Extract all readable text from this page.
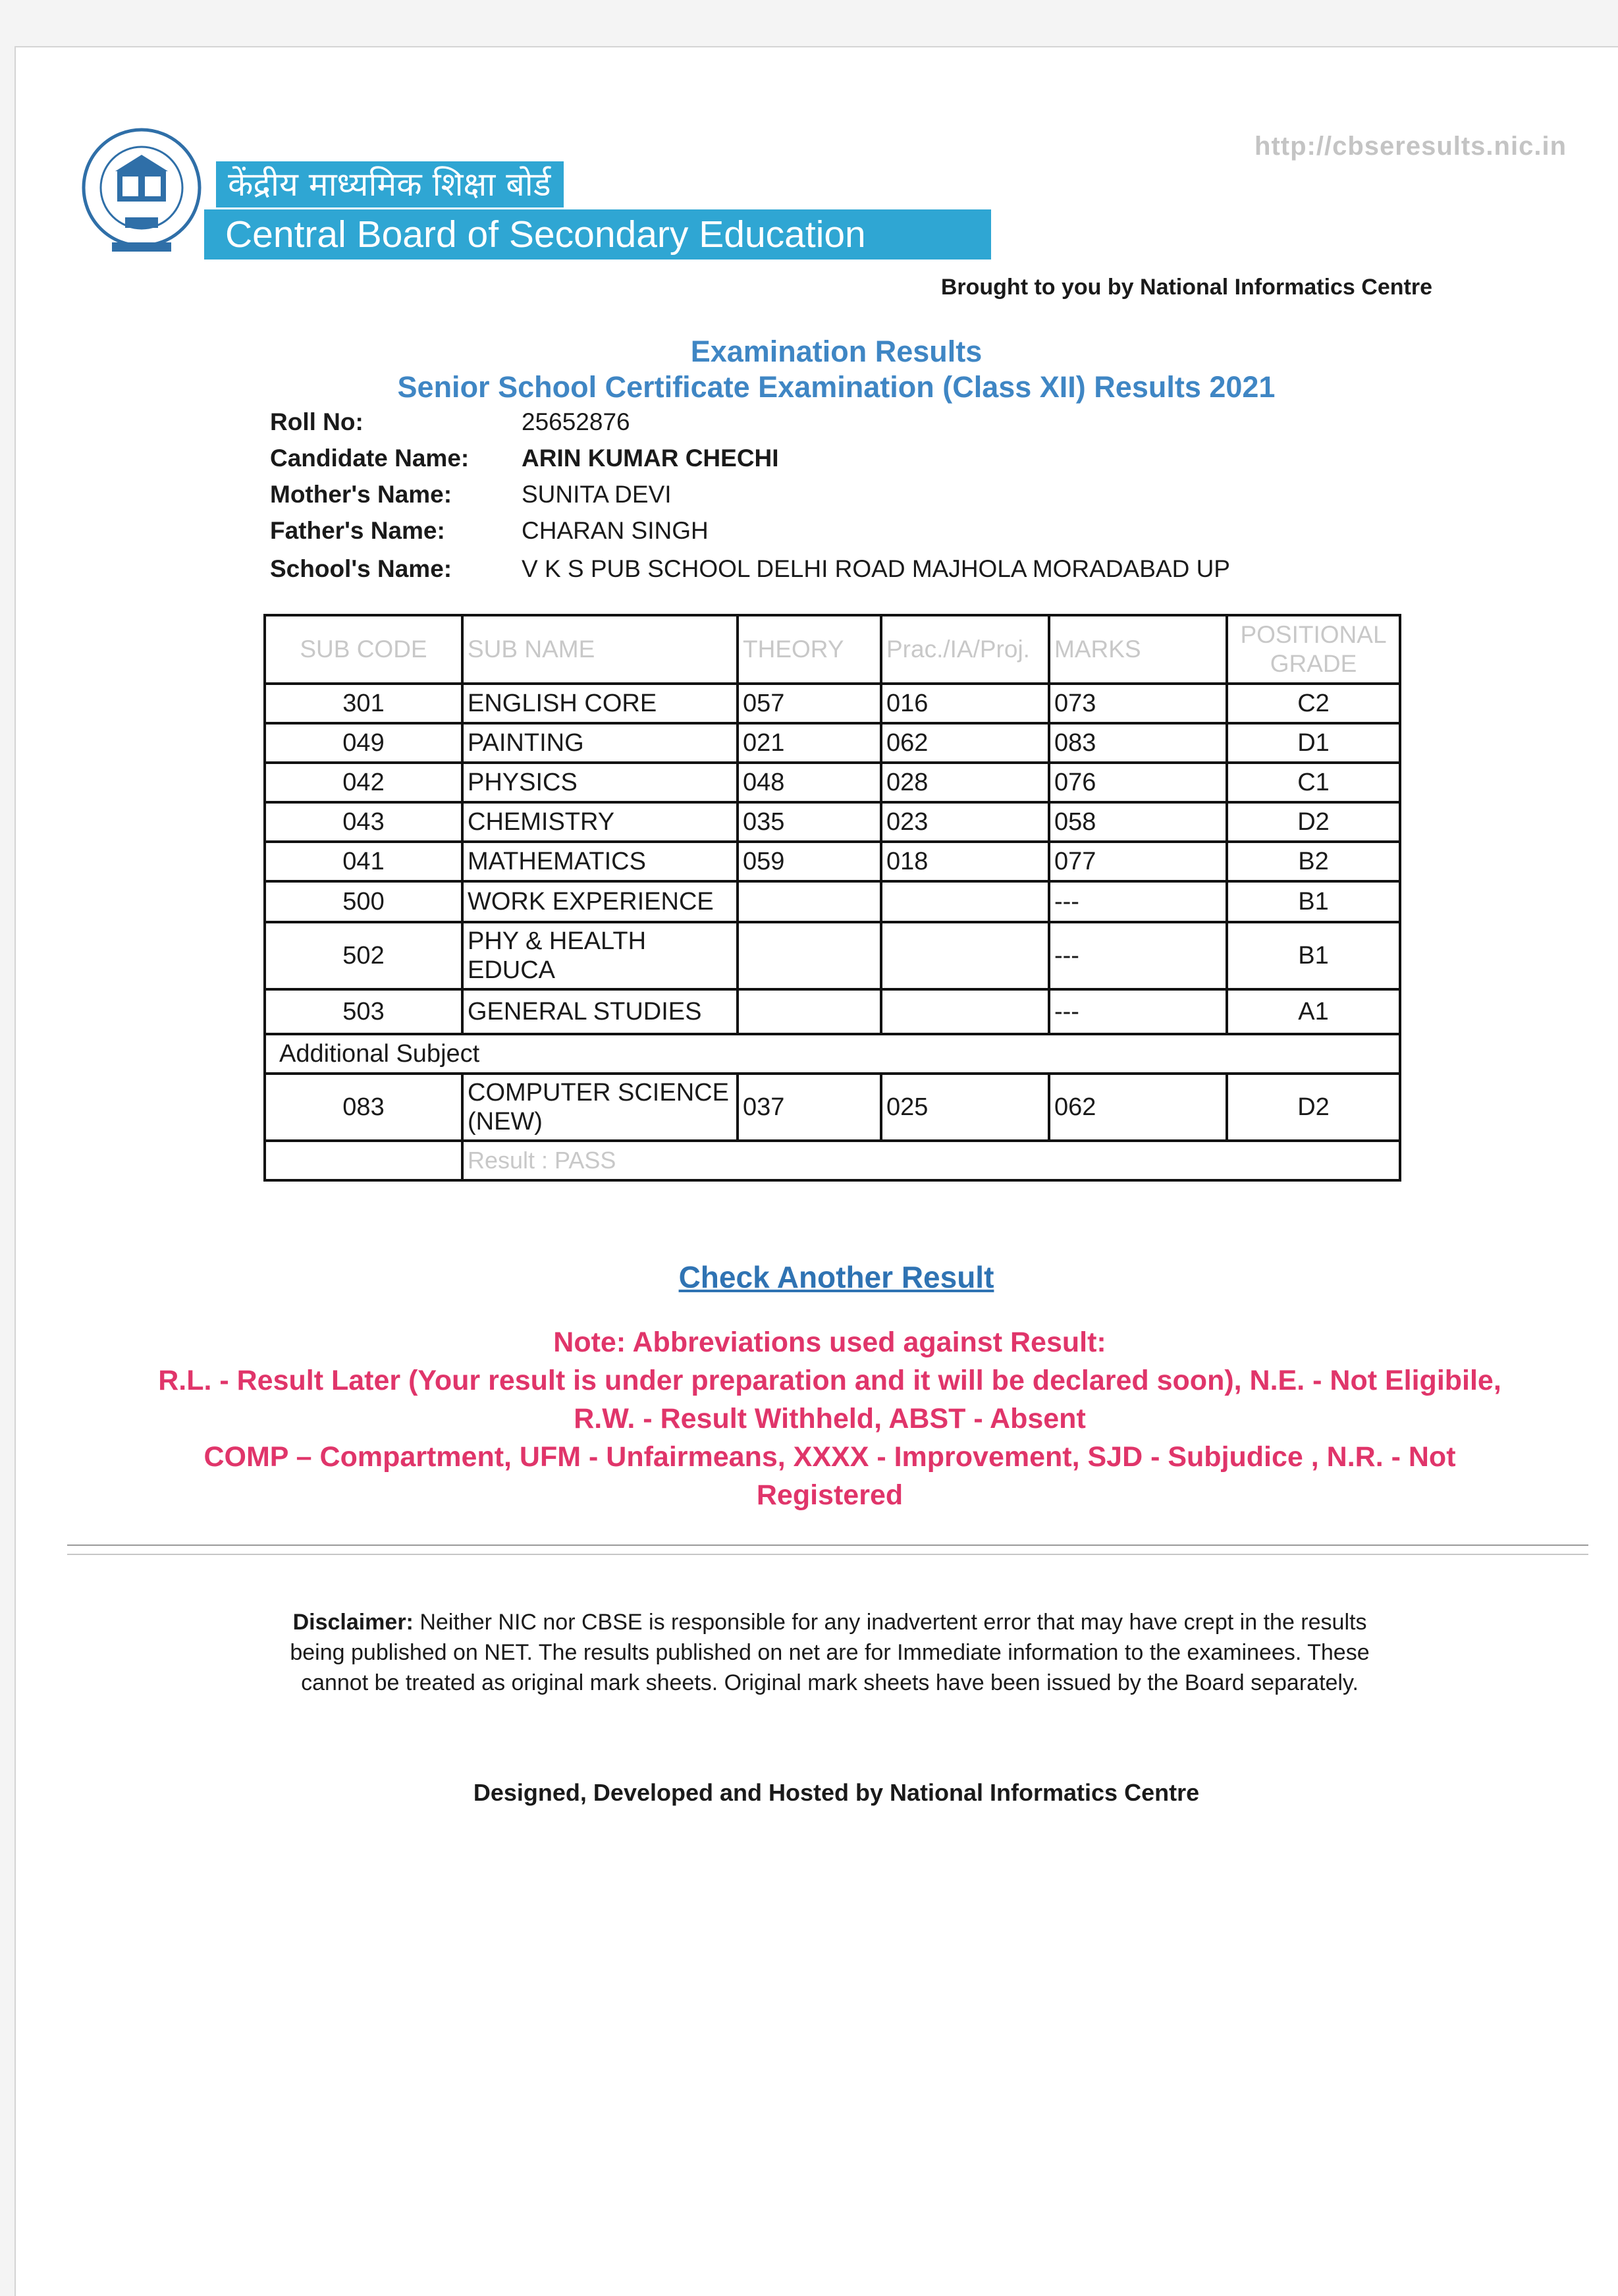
http://cbseresults.nic.in
केंद्रीय माध्यमिक शिक्षा बोर्ड
Central Board of Secondary Education
Brought to you by National Informatics Centre
Examination Results
Senior School Certificate Examination (Class XII) Results 2021
Roll No:	25652876
Candidate Name:	ARIN KUMAR CHECHI
Mother's Name:	SUNITA DEVI
Father's Name:	CHARAN SINGH
School's Name:	V K S PUB SCHOOL DELHI ROAD MAJHOLA MORADABAD UP
SUB CODE	SUB NAME	THEORY	Prac./IA/Proj.	MARKS	POSITIONAL GRADE
301	ENGLISH CORE	057	016	073	C2
049	PAINTING	021	062	083	D1
042	PHYSICS	048	028	076	C1
043	CHEMISTRY	035	023	058	D2
041	MATHEMATICS	059	018	077	B2
500	WORK EXPERIENCE			---	B1
502	PHY & HEALTH
EDUCA			---	B1
503	GENERAL STUDIES			---	A1
Additional Subject					
083	COMPUTER SCIENCE
(NEW)	037	025	062	D2
	Result : PASS				
Check Another Result
Note: Abbreviations used against Result:
R.L. - Result Later (Your result is under preparation and it will be declared soon), N.E. - Not Eligibile,
R.W. - Result Withheld, ABST - Absent
COMP – Compartment, UFM - Unfairmeans, XXXX - Improvement, SJD - Subjudice , N.R. - Not
Registered
Disclaimer: Neither NIC nor CBSE is responsible for any inadvertent error that may have crept in the results being published on NET. The results published on net are for Immediate information to the examinees. These cannot be treated as original mark sheets. Original mark sheets have been issued by the Board separately.
Designed, Developed and Hosted by National Informatics Centre
